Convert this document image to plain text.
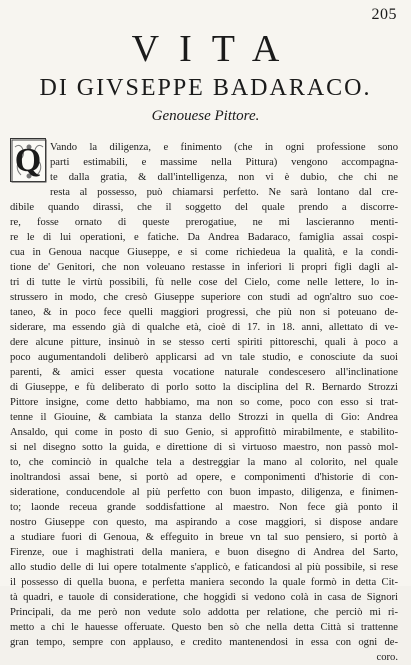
205
VITA
DI GIVSEPPE BADARACO.
Genouese Pittore.
Q Vando la diligenza, e finimento (che in ogni professione sono
parti estimabili, e massime nella Pittura) vengono accompagna-
te dalla gratia, & dall'intelligenza, non vi è dubio, che chi ne
resta al possesso, può chiamarsi perfetto. Ne sarà lontano dal cre-
dibile quando dirassi, che il soggetto del quale prendo a discorre-
re, fosse ornato di queste prerogatiue, ne mi lascieranno menti-
re le di lui operationi, e fatiche. Da Andrea Badaraco, famiglia assai cospi-
cua in Genoua nacque Giuseppe, e si come richiedeua la qualità, e la condi-
tione de' Genitori, che non voleuano restasse in inferiori li propri figli dagli al-
tri di tutte le virtù possibili, fù nelle cose del Cielo, come nelle lettere, lo in-
strussero in modo, che cresò Giuseppe superiore con studi ad ogn'altro suo coe-
taneo, & in poco fece quelli maggiori progressi, che più non si poteuano de-
siderare, ma essendo già di qualche età, cioè di 17. in 18. anni, allettato di ve-
dere alcune pitture, insinuò in se stesso certi spiriti pittoreschi, quali à poco a
poco augumentandoli deliberò applicarsi ad vn tale studio, e conosciute da suoi
parenti, & amici esser questa vocatione naturale condescesero all'inclinatione
di Giuseppe, e fù deliberato di porlo sotto la disciplina del R. Bernardo Strozzi
Pittore insigne, come detto habbiamo, ma non so come, poco con esso si trat-
tenne il Giouine, & cambiata la stanza dello Strozzi in quella di Gio: Andrea
Ansaldo, qui come in posto di suo Genio, si approfittò mirabilmente, e stabilito-
si nel disegno sotto la guida, e direttione di sì virtuoso maestro, non passò mol-
to, che cominciò in qualche tela a destreggiar la mano al colorito, nel quale
inoltrandosi assai bene, si portò ad opere, e componimenti d'historie di con-
sideratione, conducendole al più perfetto con buon impasto, diligenza, e finimen-
to; laonde receua grande soddisfattione al maestro. Non fece già ponto il
nostro Giuseppe con questo, ma aspirando a cose maggiori, si dispose andare
a studiare fuori di Genoua, & effeguito in breue vn tal suo pensiero, si portò à
Firenze, oue i maghistrati della maniera, e buon disegno di Andrea del Sarto,
allo studio delle di lui opere totalmente s'applicò, e faticandosi al più possibile, si rese
il possesso di quella buona, e perfetta maniera secondo la quale formò in detta Cit-
tà quadri, e tauole di consideratione, che hoggidì si vedono colà in casa de Signori
Principali, da me però non vedute solo addotta per relatione, che perciò mi ri-
metto a chi le hauesse offeruate. Questo ben sò che nella detta Città si trattenne
gran tempo, sempre con applauso, e credito mantenendosi in essa con ogni de-
coro.
